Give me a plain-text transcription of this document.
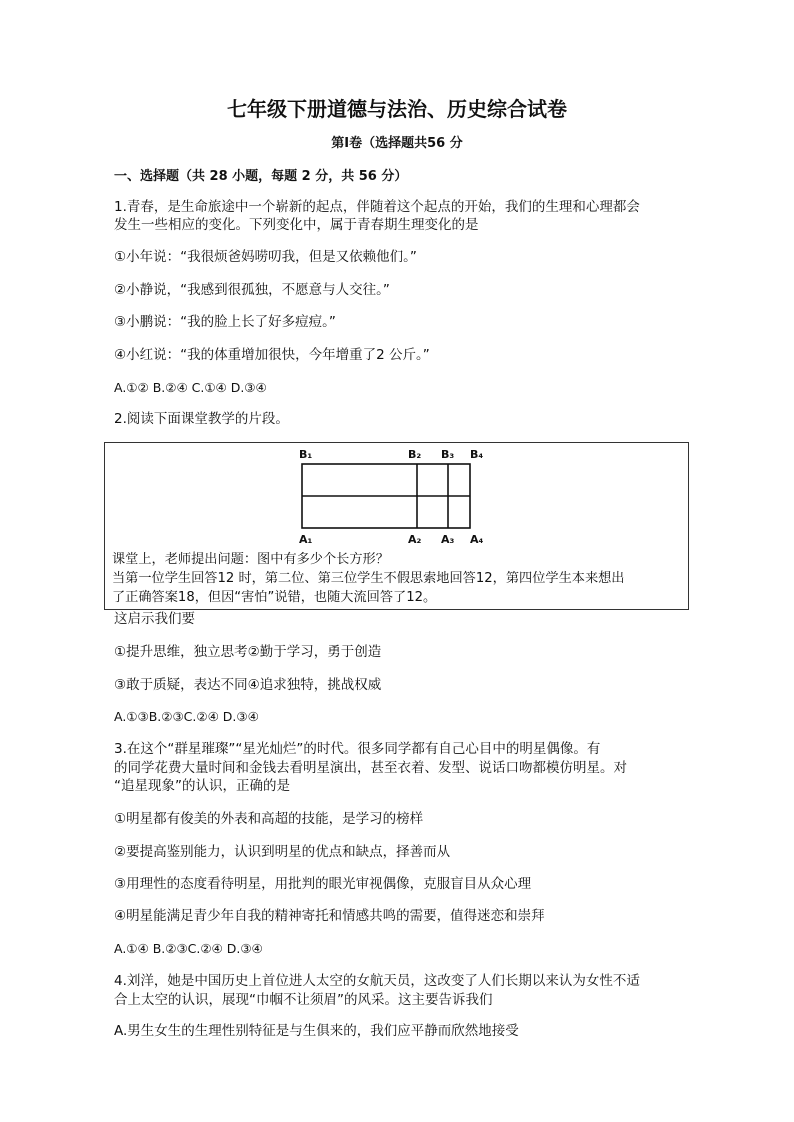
七年级下册道德与法治、历史综合试卷
第Ⅰ卷（选择题共56 分
一、选择题（共 28 小题，每题 2 分，共 56 分）
1.青春，是生命旅途中一个崭新的起点，伴随着这个起点的开始，我们的生理和心理都会
发生一些相应的变化。下列变化中，属于青春期生理变化的是
①小年说：“我很烦爸妈唠叨我，但是又依赖他们。”
②小静说，“我感到很孤独，不愿意与人交往。”
③小鹏说：“我的脸上长了好多痘痘。”
④小红说：“我的体重增加很快，今年增重了2 公斤。”
A.①② B.②④ C.①④ D.③④
2.阅读下面课堂教学的片段。
B₁	B₂ B₃ B₄
A₁	A₂ A₃ A₄
课堂上，老师提出问题：图中有多少个长方形？
当第一位学生回答12 时，第二位、第三位学生不假思索地回答12，第四位学生本来想出
了正确答案18，但因“害怕”说错，也随大流回答了12。
这启示我们要
①提升思维，独立思考②勤于学习，勇于创造
③敢于质疑，表达不同④追求独特，挑战权威
A.①③B.②③C.②④ D.③④
3.在这个“群星璀璨”“星光灿烂”的时代。很多同学都有自己心目中的明星偶像。有
的同学花费大量时间和金钱去看明星演出，甚至衣着、发型、说话口吻都模仿明星。对
“追星现象”的认识，正确的是
①明星都有俊美的外表和高超的技能，是学习的榜样
②要提高鉴别能力，认识到明星的优点和缺点，择善而从
③用理性的态度看待明星，用批判的眼光审视偶像，克服盲目从众心理
④明星能满足青少年自我的精神寄托和情感共鸣的需要，值得迷恋和崇拜
A.①④ B.②③C.②④ D.③④
4.刘洋，她是中国历史上首位进人太空的女航天员，这改变了人们长期以来认为女性不适
合上太空的认识，展现“巾帼不让须眉”的风采。这主要告诉我们
A.男生女生的生理性别特征是与生俱来的，我们应平静而欣然地接受
